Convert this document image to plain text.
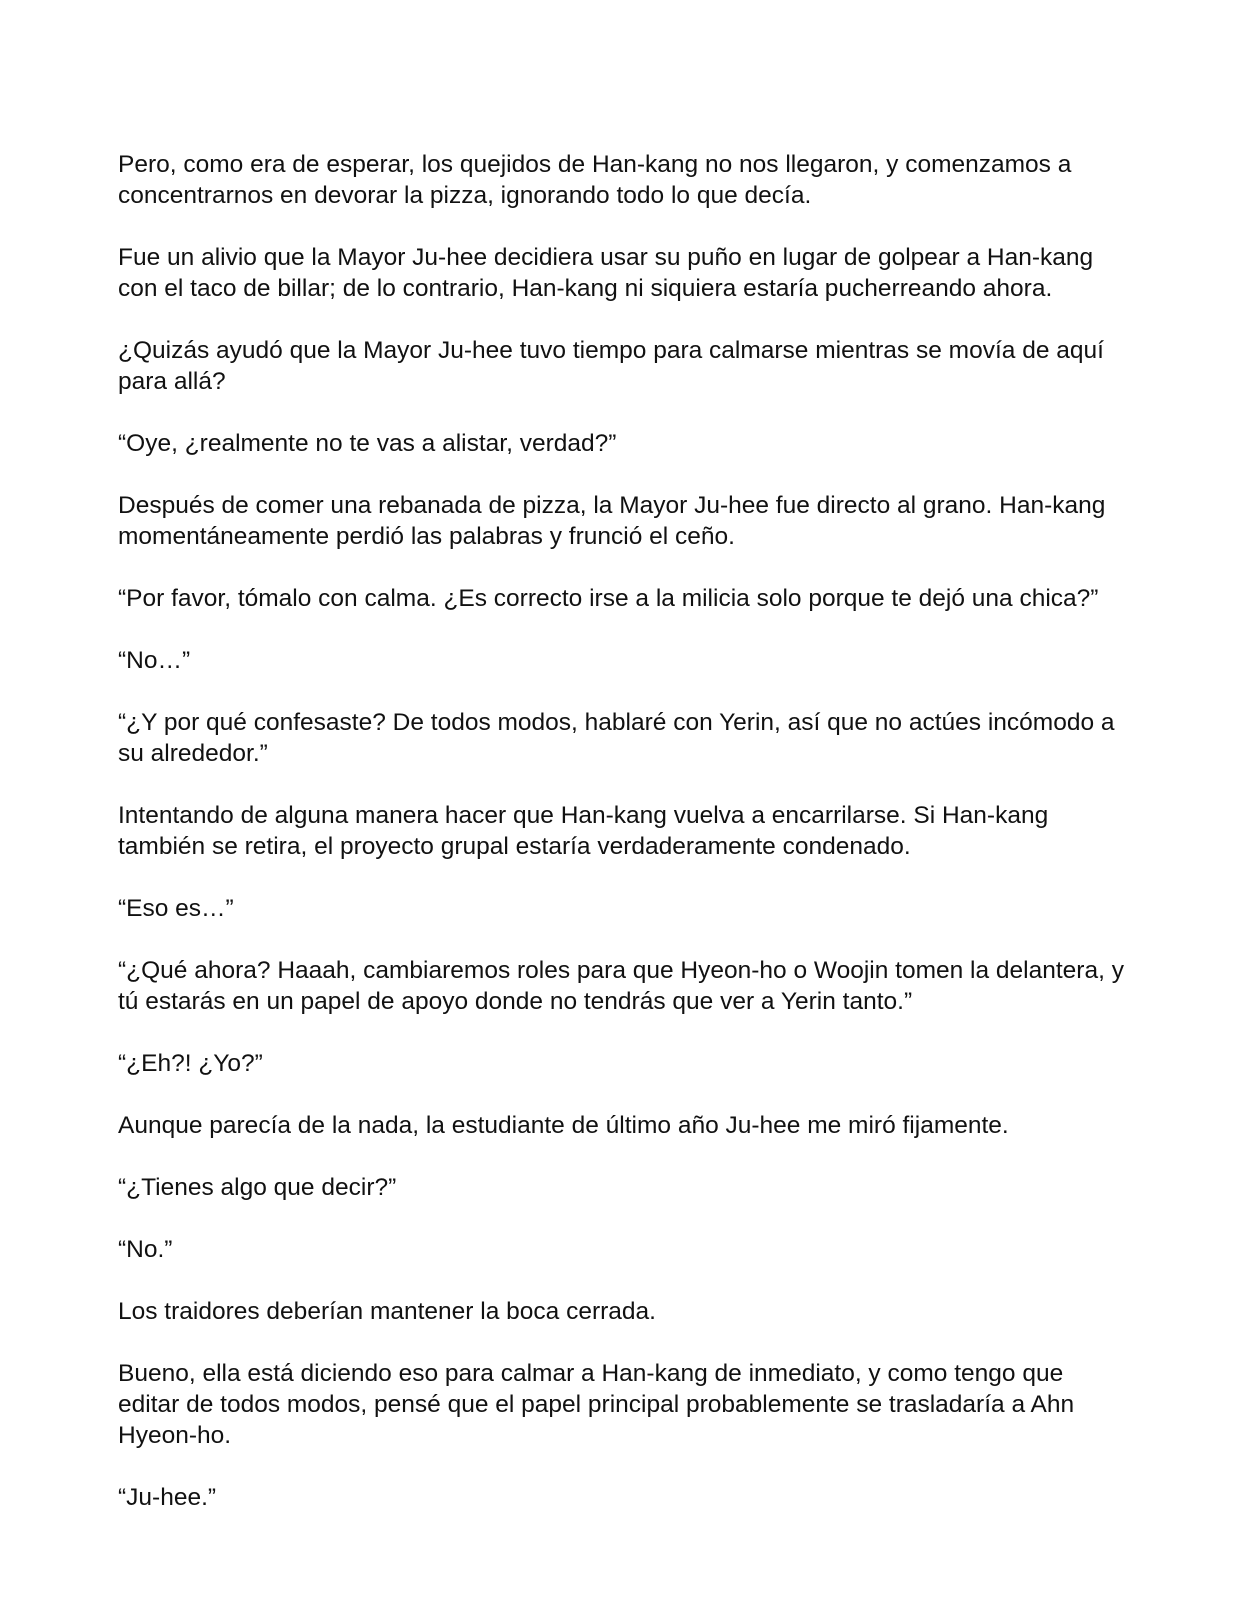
Pero, como era de esperar, los quejidos de Han-kang no nos llegaron, y comenzamos a concentrarnos en devorar la pizza, ignorando todo lo que decía.

Fue un alivio que la Mayor Ju-hee decidiera usar su puño en lugar de golpear a Han-kang con el taco de billar; de lo contrario, Han-kang ni siquiera estaría pucherreando ahora.

¿Quizás ayudó que la Mayor Ju-hee tuvo tiempo para calmarse mientras se movía de aquí para allá?

“Oye, ¿realmente no te vas a alistar, verdad?”

Después de comer una rebanada de pizza, la Mayor Ju-hee fue directo al grano. Han-kang momentáneamente perdió las palabras y frunció el ceño.

“Por favor, tómalo con calma. ¿Es correcto irse a la milicia solo porque te dejó una chica?”

“No…”

“¿Y por qué confesaste? De todos modos, hablaré con Yerin, así que no actúes incómodo a su alrededor.”

Intentando de alguna manera hacer que Han-kang vuelva a encarrilarse. Si Han-kang también se retira, el proyecto grupal estaría verdaderamente condenado.

“Eso es…”

“¿Qué ahora? Haaah, cambiaremos roles para que Hyeon-ho o Woojin tomen la delantera, y tú estarás en un papel de apoyo donde no tendrás que ver a Yerin tanto.”

“¿Eh?! ¿Yo?”

Aunque parecía de la nada, la estudiante de último año Ju-hee me miró fijamente.

“¿Tienes algo que decir?”

“No.”

Los traidores deberían mantener la boca cerrada.

Bueno, ella está diciendo eso para calmar a Han-kang de inmediato, y como tengo que editar de todos modos, pensé que el papel principal probablemente se trasladaría a Ahn Hyeon-ho.

“Ju-hee.”
